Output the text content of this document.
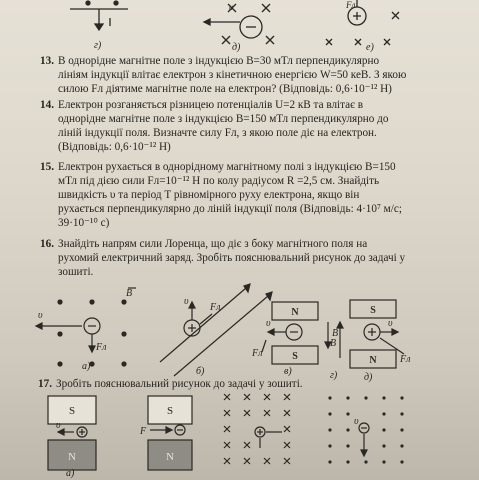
υ	Fл
г)	д)	е)
13. В однорідне магнітне поле з індукцією B=30 мТл перпендикулярно
лініям індукції влітає електрон з кінетичною енергією W=50 кеВ. З якою
силою Fл діятиме магнітне поле на електрон? (Відповідь: 0,6·10⁻¹² Н)
14. Електрон розганяється різницею потенціалів U=2 кВ та влітає в
однорідне магнітне поле з індукцією B=150 мТл перпендикулярно до
ліній індукції поля. Визначте силу Fл, з якою поле діє на електрон.
(Відповідь: 0,6·10⁻¹² Н)
15. Електрон рухається в однорідному магнітному полі з індукцією B=150
мТл під дією сили Fл=10⁻¹² Н по колу радіусом R =2,5 см. Знайдіть
швидкість υ та період T рівномірного руху електрона, якщо він
рухається перпендикулярно до ліній індукції поля (Відповідь: 4·10⁷ м/с;
39·10⁻¹⁰ с)
16. Знайдіть напрям сили Лоренца, що діє з боку магнітного поля на
рухомий електричний заряд. Зробіть пояснювальний рисунок до задачі у
зошиті.
B
υ
Fл
υ
Fл
υ
B
Fл
υ
B
Fл
N
S
S
N
а)	б)	в)	г)	д)
17. Зробіть пояснювальний рисунок до задачі у зошиті.
υ
F
υ
S
N
S
N
а)
